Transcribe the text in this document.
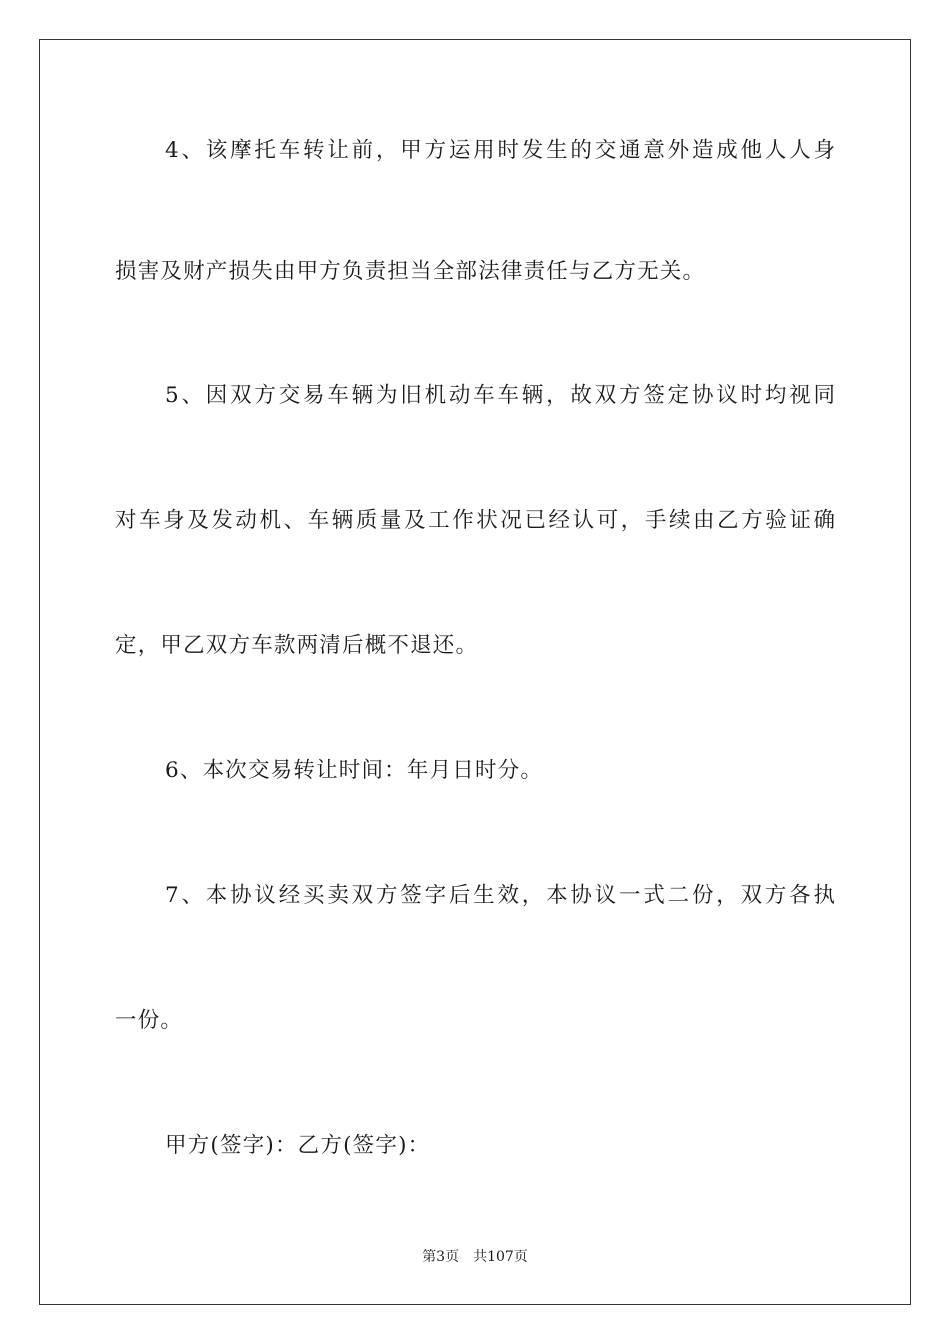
4、该摩托车转让前，甲方运用时发生的交通意外造成他人人身
损害及财产损失由甲方负责担当全部法律责任与乙方无关。
5、因双方交易车辆为旧机动车车辆，故双方签定协议时均视同
对车身及发动机、车辆质量及工作状况已经认可，手续由乙方验证确
定，甲乙双方车款两清后概不退还。
6、本次交易转让时间：年月日时分。
7、本协议经买卖双方签字后生效，本协议一式二份，双方各执
一份。
甲方(签字)：乙方(签字)：
第3页 共107页
